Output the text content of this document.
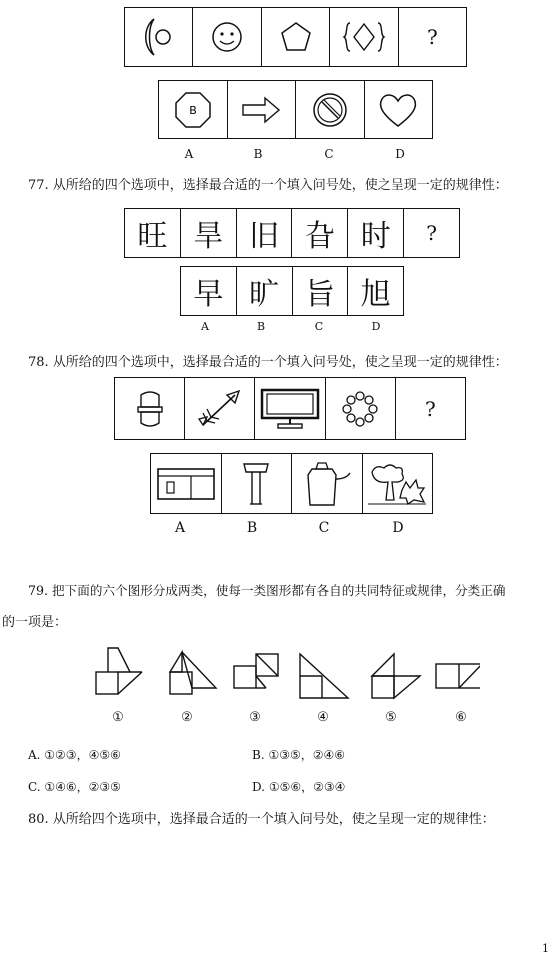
?
B
A	B	C	D
77. 从所给的四个选项中，选择最合适的一个填入问号处，使之呈现一定的规律性：
旺 旱 旧 旮 时	?
早 旷 旨 旭
A	B	C	D
78. 从所给的四个选项中，选择最合适的一个填入问号处，使之呈现一定的规律性：
?
A	B	C	D
79. 把下面的六个图形分成两类，使每一类图形都有各自的共同特征或规律，分类正确
的一项是：
①	②	③	④	⑤	⑥
A. ①②③，④⑤⑥	B. ①③⑤，②④⑥
C. ①④⑥，②③⑤	D. ①⑤⑥，②③④
80. 从所给四个选项中，选择最合适的一个填入问号处，使之呈现一定的规律性：
1
